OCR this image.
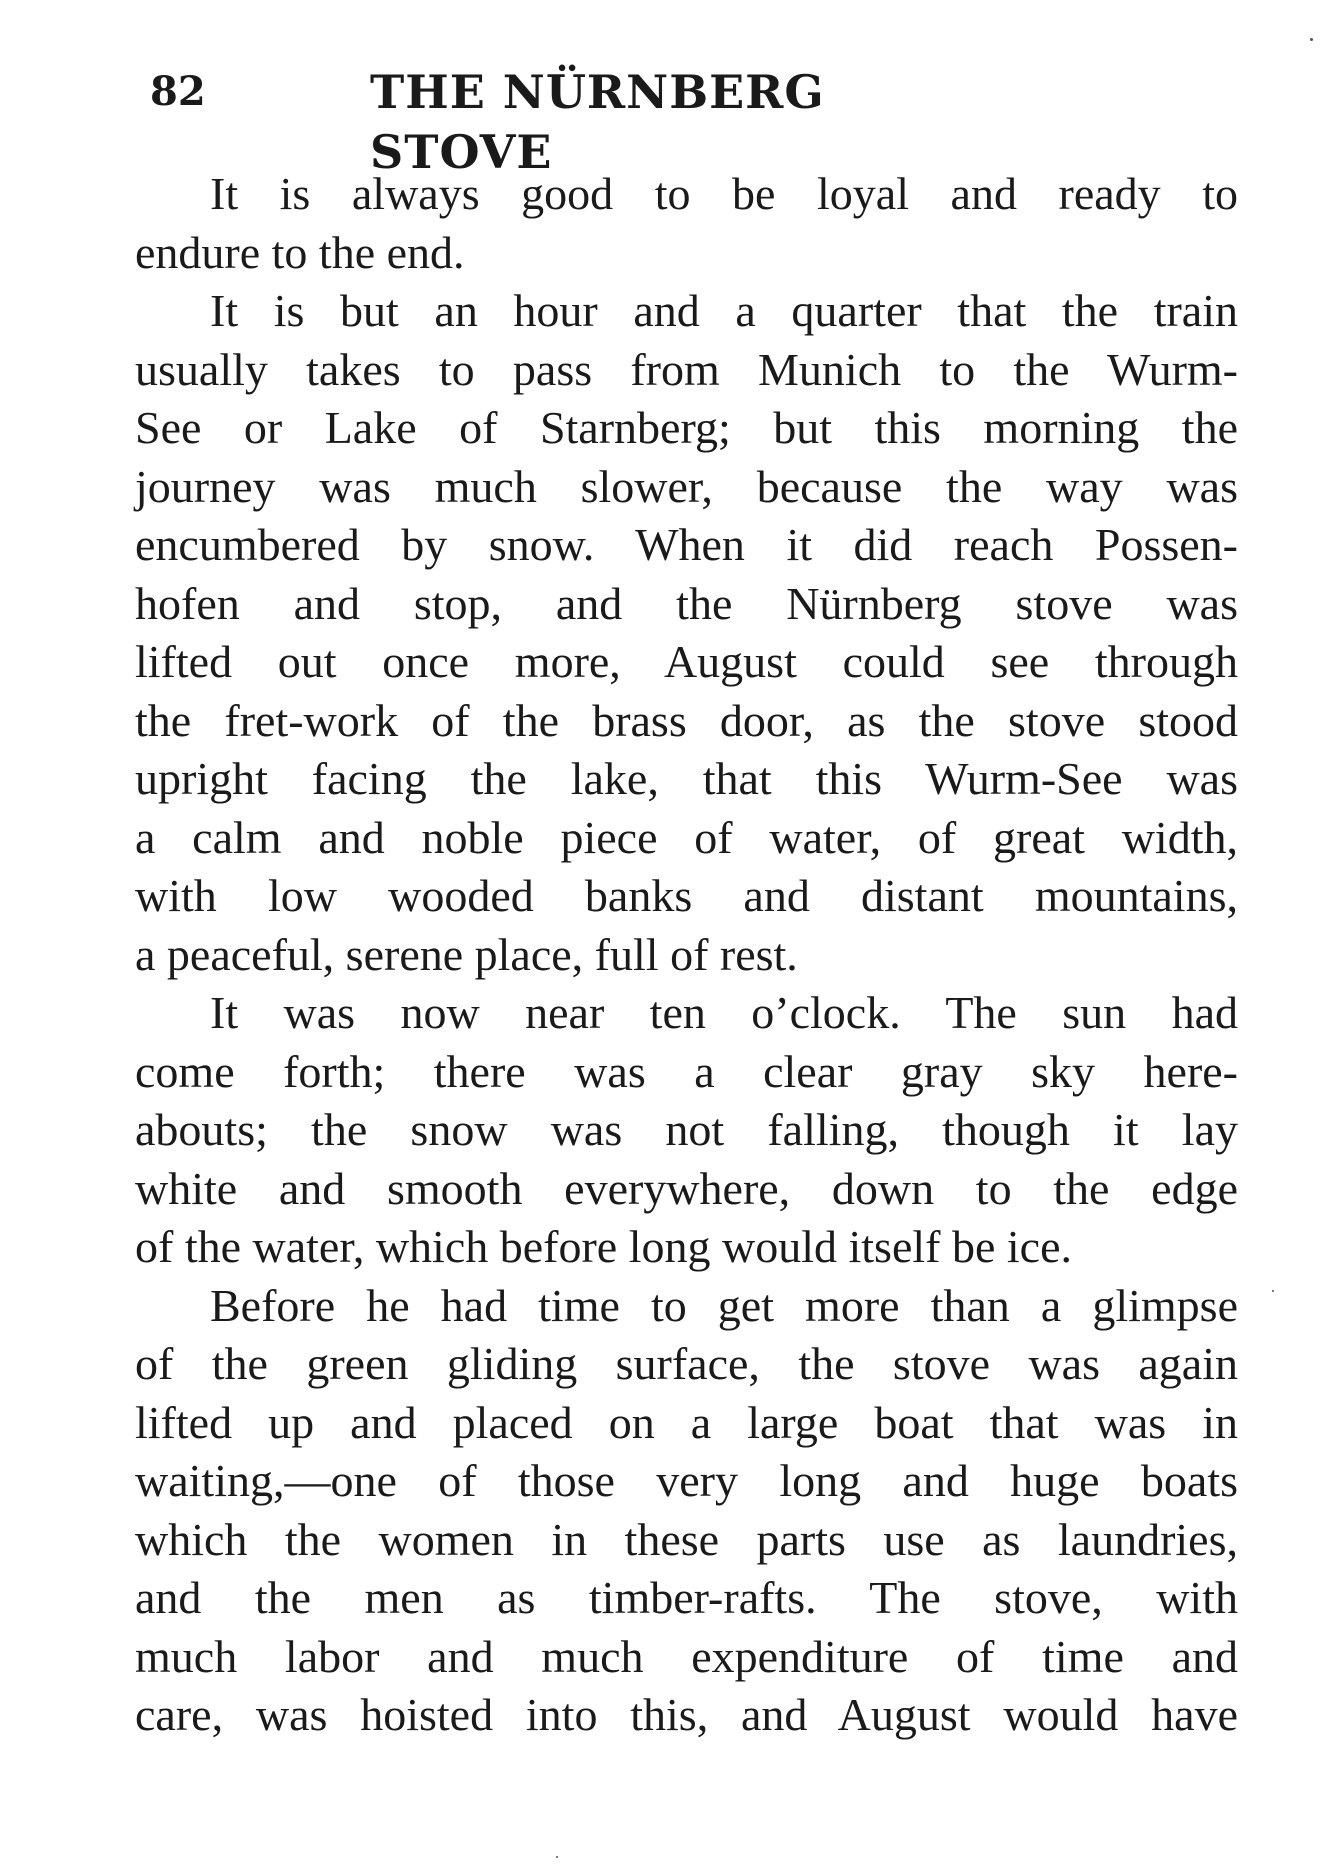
82	THE NÜRNBERG STOVE
It is always good to be loyal and ready to
endure to the end.
It is but an hour and a quarter that the train
usually takes to pass from Munich to the Wurm-
See or Lake of Starnberg; but this morning the
journey was much slower, because the way was
encumbered by snow. When it did reach Possen-
hofen and stop, and the Nürnberg stove was
lifted out once more, August could see through
the fret-work of the brass door, as the stove stood
upright facing the lake, that this Wurm-See was
a calm and noble piece of water, of great width,
with low wooded banks and distant mountains,
a peaceful, serene place, full of rest.
It was now near ten o’clock. The sun had
come forth; there was a clear gray sky here-
abouts; the snow was not falling, though it lay
white and smooth everywhere, down to the edge
of the water, which before long would itself be ice.
Before he had time to get more than a glimpse
of the green gliding surface, the stove was again
lifted up and placed on a large boat that was in
waiting,—one of those very long and huge boats
which the women in these parts use as laundries,
and the men as timber-rafts. The stove, with
much labor and much expenditure of time and
care, was hoisted into this, and August would have
